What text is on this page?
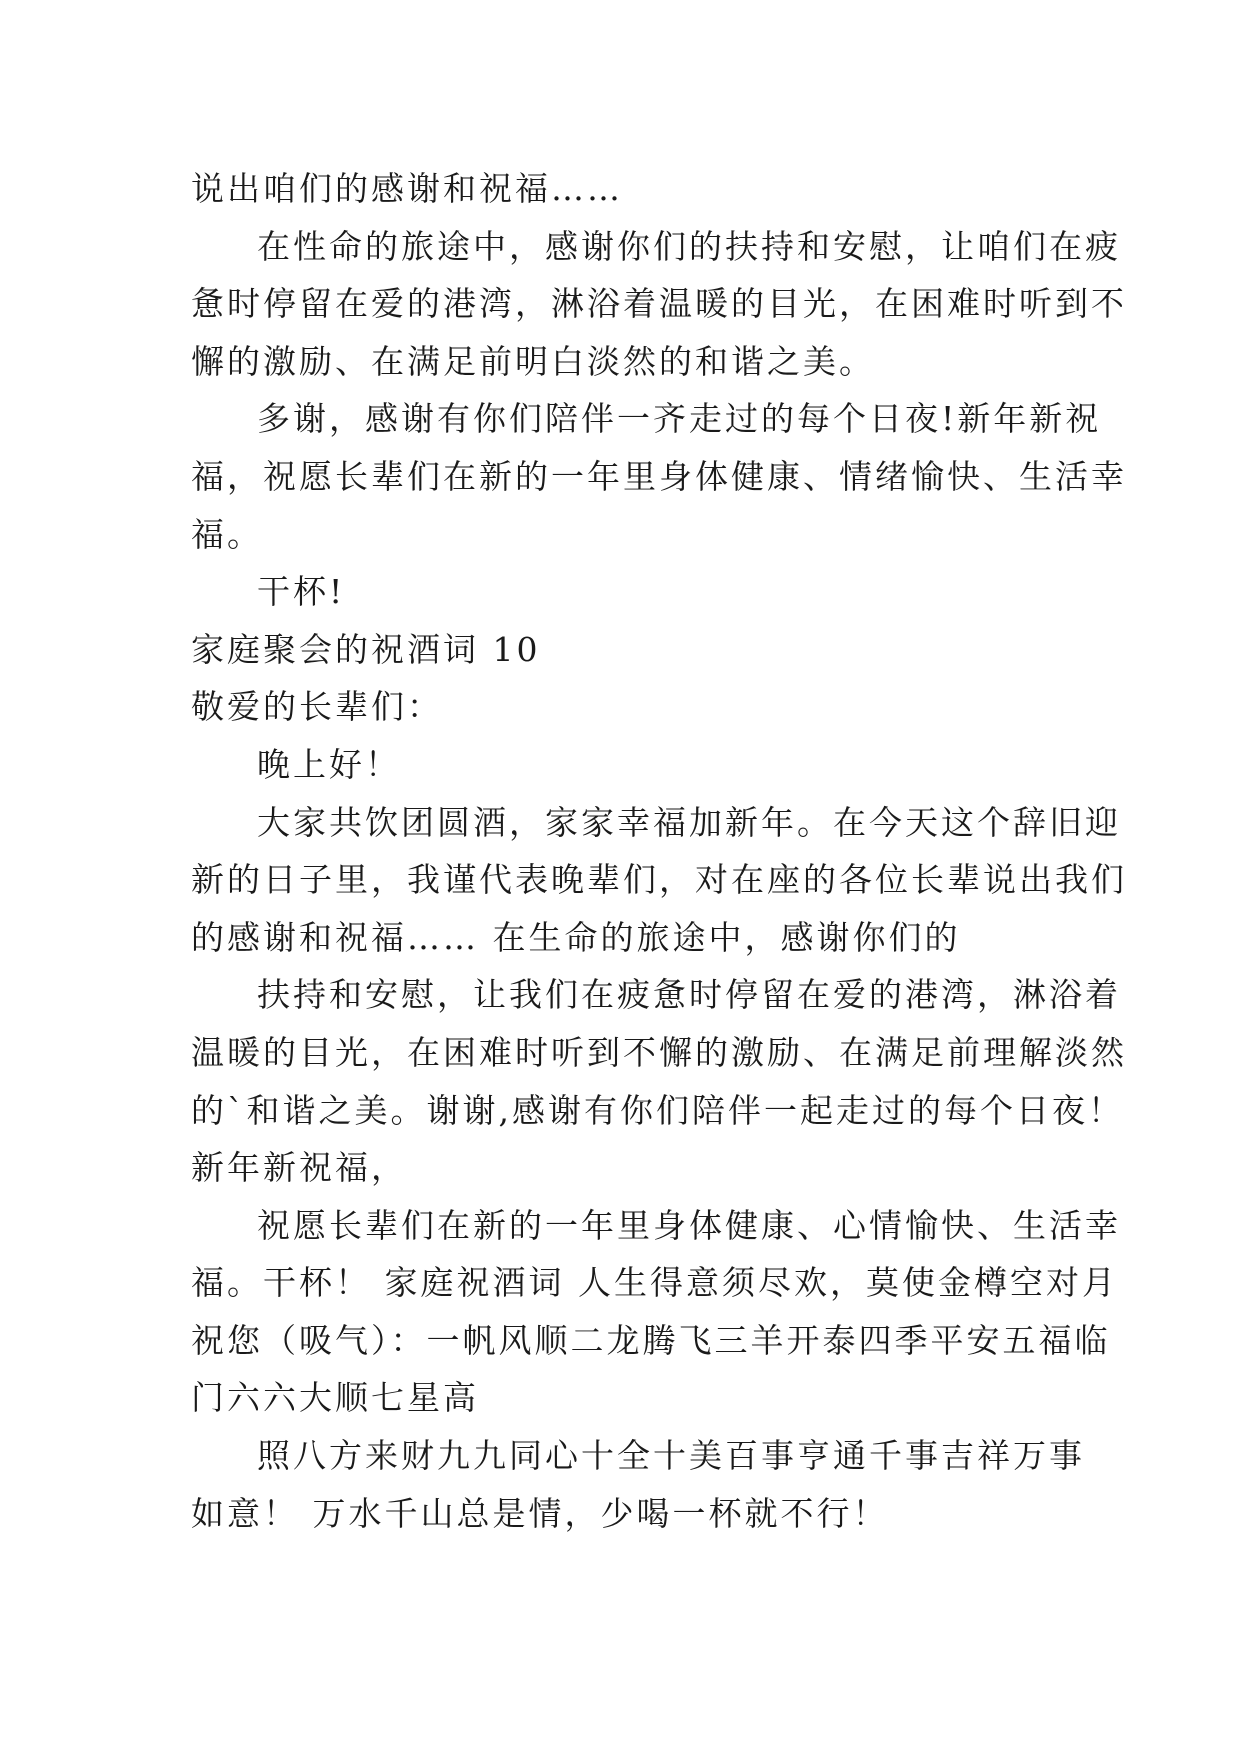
说出咱们的感谢和祝福……
在性命的旅途中，感谢你们的扶持和安慰，让咱们在疲
惫时停留在爱的港湾，淋浴着温暖的目光，在困难时听到不
懈的激励、在满足前明白淡然的和谐之美。
多谢，感谢有你们陪伴一齐走过的每个日夜!新年新祝
福，祝愿长辈们在新的一年里身体健康、情绪愉快、生活幸
福。
干杯!
家庭聚会的祝酒词 10
敬爱的长辈们：
晚上好！
大家共饮团圆酒，家家幸福加新年。在今天这个辞旧迎
新的日子里，我谨代表晚辈们，对在座的各位长辈说出我们
的感谢和祝福…… 在生命的旅途中，感谢你们的
扶持和安慰，让我们在疲惫时停留在爱的港湾，淋浴着
温暖的目光，在困难时听到不懈的激励、在满足前理解淡然
的`和谐之美。谢谢,感谢有你们陪伴一起走过的每个日夜！
新年新祝福，
祝愿长辈们在新的一年里身体健康、心情愉快、生活幸
福。干杯！ 家庭祝酒词 人生得意须尽欢，莫使金樽空对月
祝您（吸气）：一帆风顺二龙腾飞三羊开泰四季平安五福临
门六六大顺七星高
照八方来财九九同心十全十美百事亨通千事吉祥万事
如意！ 万水千山总是情，少喝一杯就不行！
